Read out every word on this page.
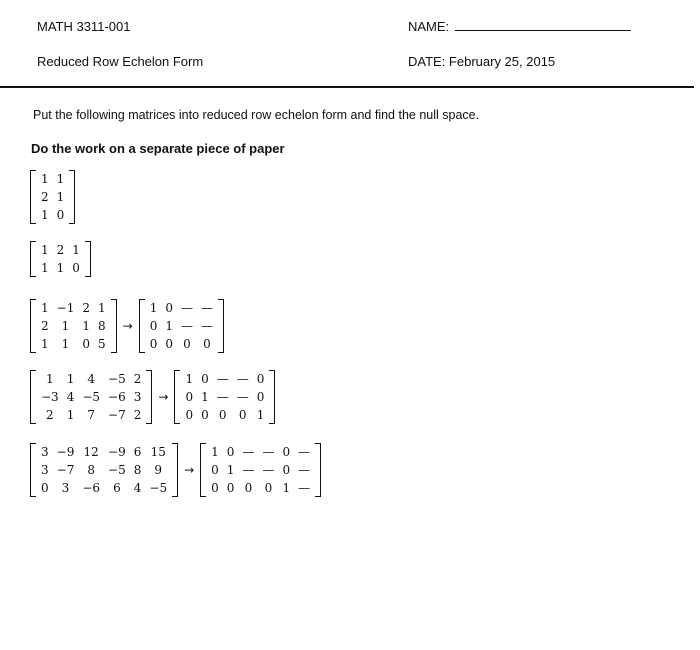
MATH 3311-001
Reduced Row Echelon Form
NAME:
DATE: February 25, 2015
Put the following matrices into reduced row echelon form and find the null space.
Do the work on a separate piece of paper
1	1
2	1
1	0
1	2	1
1	1	0
1	−1	2	1
2	1	1	8
1	1	0	5
→
1	0	—	—
0	1	—	—
0	0	0	0
1	1	4	−5	2
−3	4	−5	−6	3
2	1	7	−7	2
→
1	0	—	—	0
0	1	—	—	0
0	0	0	0	1
3	−9	12	−9	6	15
3	−7	8	−5	8	9
0	3	−6	6	4	−5
→
1	0	—	—	0	—
0	1	—	—	0	—
0	0	0	0	1	—
